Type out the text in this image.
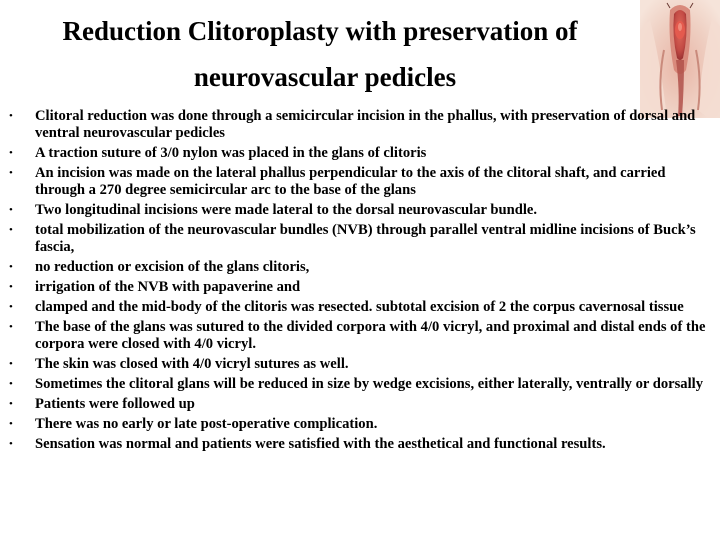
Reduction Clitoroplasty with preservation of
neurovascular pedicles
• Clitoral reduction was done through a semicircular incision in the phallus, with preservation of dorsal and ventral neurovascular pedicles
• A traction suture of 3/0 nylon was placed in the glans of clitoris
• An incision was made on the lateral phallus perpendicular to the axis of the clitoral shaft, and carried through a 270 degree semicircular arc to the base of the glans
• Two longitudinal incisions were made lateral to the dorsal neurovascular bundle.
• total mobilization of the neurovascular bundles (NVB) through parallel ventral midline incisions of Buck’s fascia,
• no reduction or excision of the glans clitoris,
• irrigation of the NVB with papaverine and
• clamped and the mid-body of the clitoris was resected. subtotal excision of 2 the corpus cavernosal tissue
• The base of the glans was sutured to the divided corpora with 4/0 vicryl, and proximal and distal ends of the corpora were closed with 4/0 vicryl.
• The skin was closed with 4/0 vicryl sutures as well.
• Sometimes the clitoral glans will be reduced in size by wedge excisions, either laterally, ventrally or dorsally
• Patients were followed up
• There was no early or late post-operative complication.
• Sensation was normal and patients were satisfied with the aesthetical and functional results.
